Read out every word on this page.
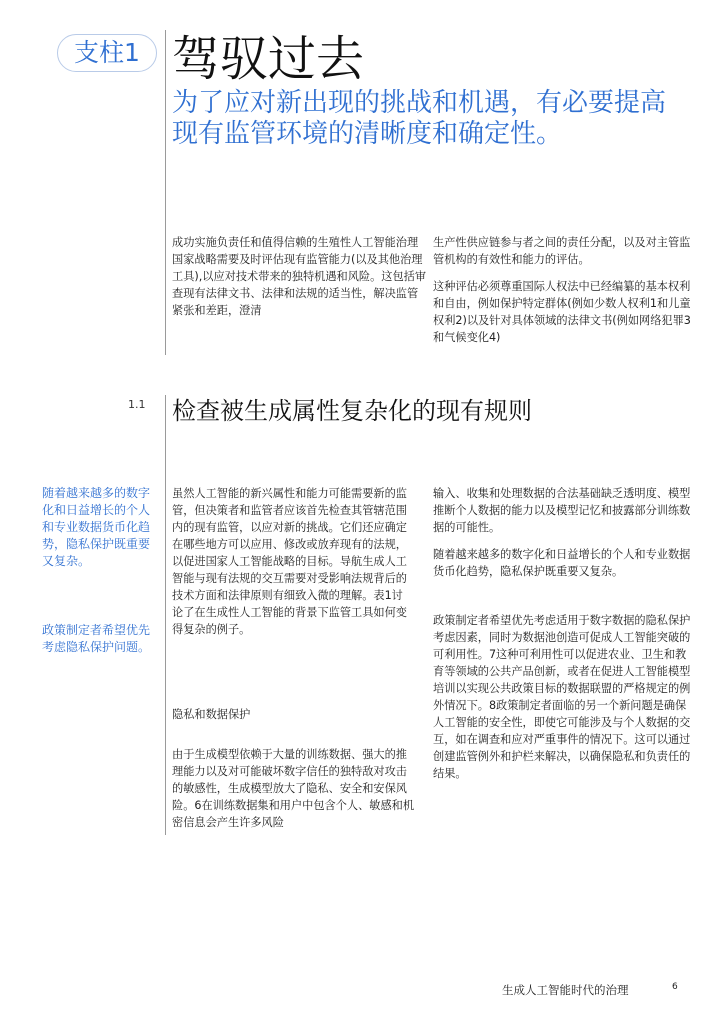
支柱1 驾驭过去
为了应对新出现的挑战和机遇，有必要提高现有监管环境的清晰度和确定性。

成功实施负责任和值得信赖的生殖性人工智能治理国家战略需要及时评估现有监管能力(以及其他治理工具),以应对技术带来的独特机遇和风险。这包括审查现有法律文书、法律和法规的适当性，解决监管紧张和差距，澄清

生产性供应链参与者之间的责任分配，以及对主管监管机构的有效性和能力的评估。

这种评估必须尊重国际人权法中已经编纂的基本权利和自由，例如保护特定群体(例如少数人权利1和儿童权利2)以及针对具体领域的法律文书(例如网络犯罪3和气候变化4)

1.1 检查被生成属性复杂化的现有规则
随着越来越多的数字化和日益增长的个人和专业数据货币化趋势，隐私保护既重要又复杂。
政策制定者希望优先考虑隐私保护问题。
虽然人工智能的新兴属性和能力可能需要新的监管，但决策者和监管者应该首先检查其管辖范围内的现有监管，以应对新的挑战。它们还应确定在哪些地方可以应用、修改或放弃现有的法规，以促进国家人工智能战略的目标。导航生成人工智能与现有法规的交互需要对受影响法规背后的技术方面和法律原则有细致入微的理解。表1讨论了在生成性人工智能的背景下监管工具如何变得复杂的例子。
隐私和数据保护
由于生成模型依赖于大量的训练数据、强大的推理能力以及对可能破坏数字信任的独特敌对攻击的敏感性，生成模型放大了隐私、安全和安保风险。6在训练数据集和用户中包含个人、敏感和机密信息会产生许多风险

输入、收集和处理数据的合法基础缺乏透明度、模型推断个人数据的能力以及模型记忆和披露部分训练数据的可能性。

随着越来越多的数字化和日益增长的个人和专业数据货币化趋势，隐私保护既重要又复杂。

政策制定者希望优先考虑适用于数字数据的隐私保护考虑因素，同时为数据池创造可促成人工智能突破的可利用性。7这种可利用性可以促进农业、卫生和教育等领域的公共产品创新，或者在促进人工智能模型培训以实现公共政策目标的数据联盟的严格规定的例外情况下。8政策制定者面临的另一个新问题是确保人工智能的安全性，即使它可能涉及与个人数据的交互，如在调查和应对严重事件的情况下。这可以通过创建监管例外和护栏来解决，以确保隐私和负责任的结果。

生成人工智能时代的治理	6
